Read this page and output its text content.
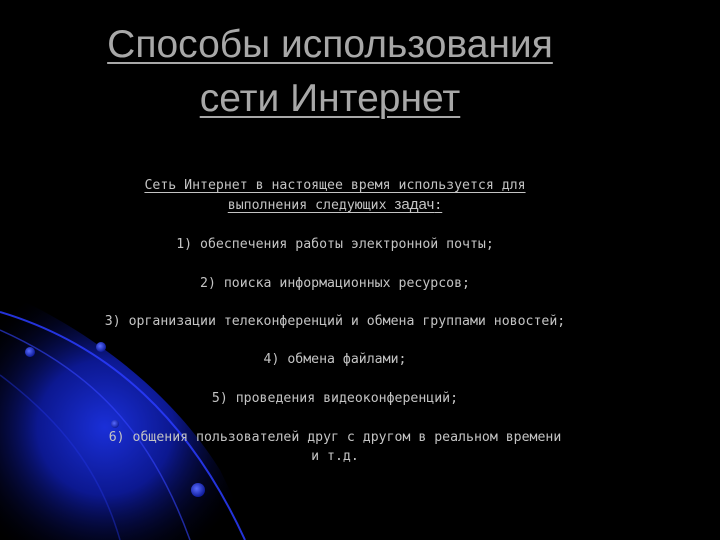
Способы использования
сети Интернет
Сеть Интернет в настоящее время используется для
выполнения следующих задач:
1) обеспечения работы электронной почты;
2) поиска информационных ресурсов;
3) организации телеконференций и обмена группами новостей;
4) обмена файлами;
5) проведения видеоконференций;
6) общения пользователей друг с другом в реальном времени
и т.д.
